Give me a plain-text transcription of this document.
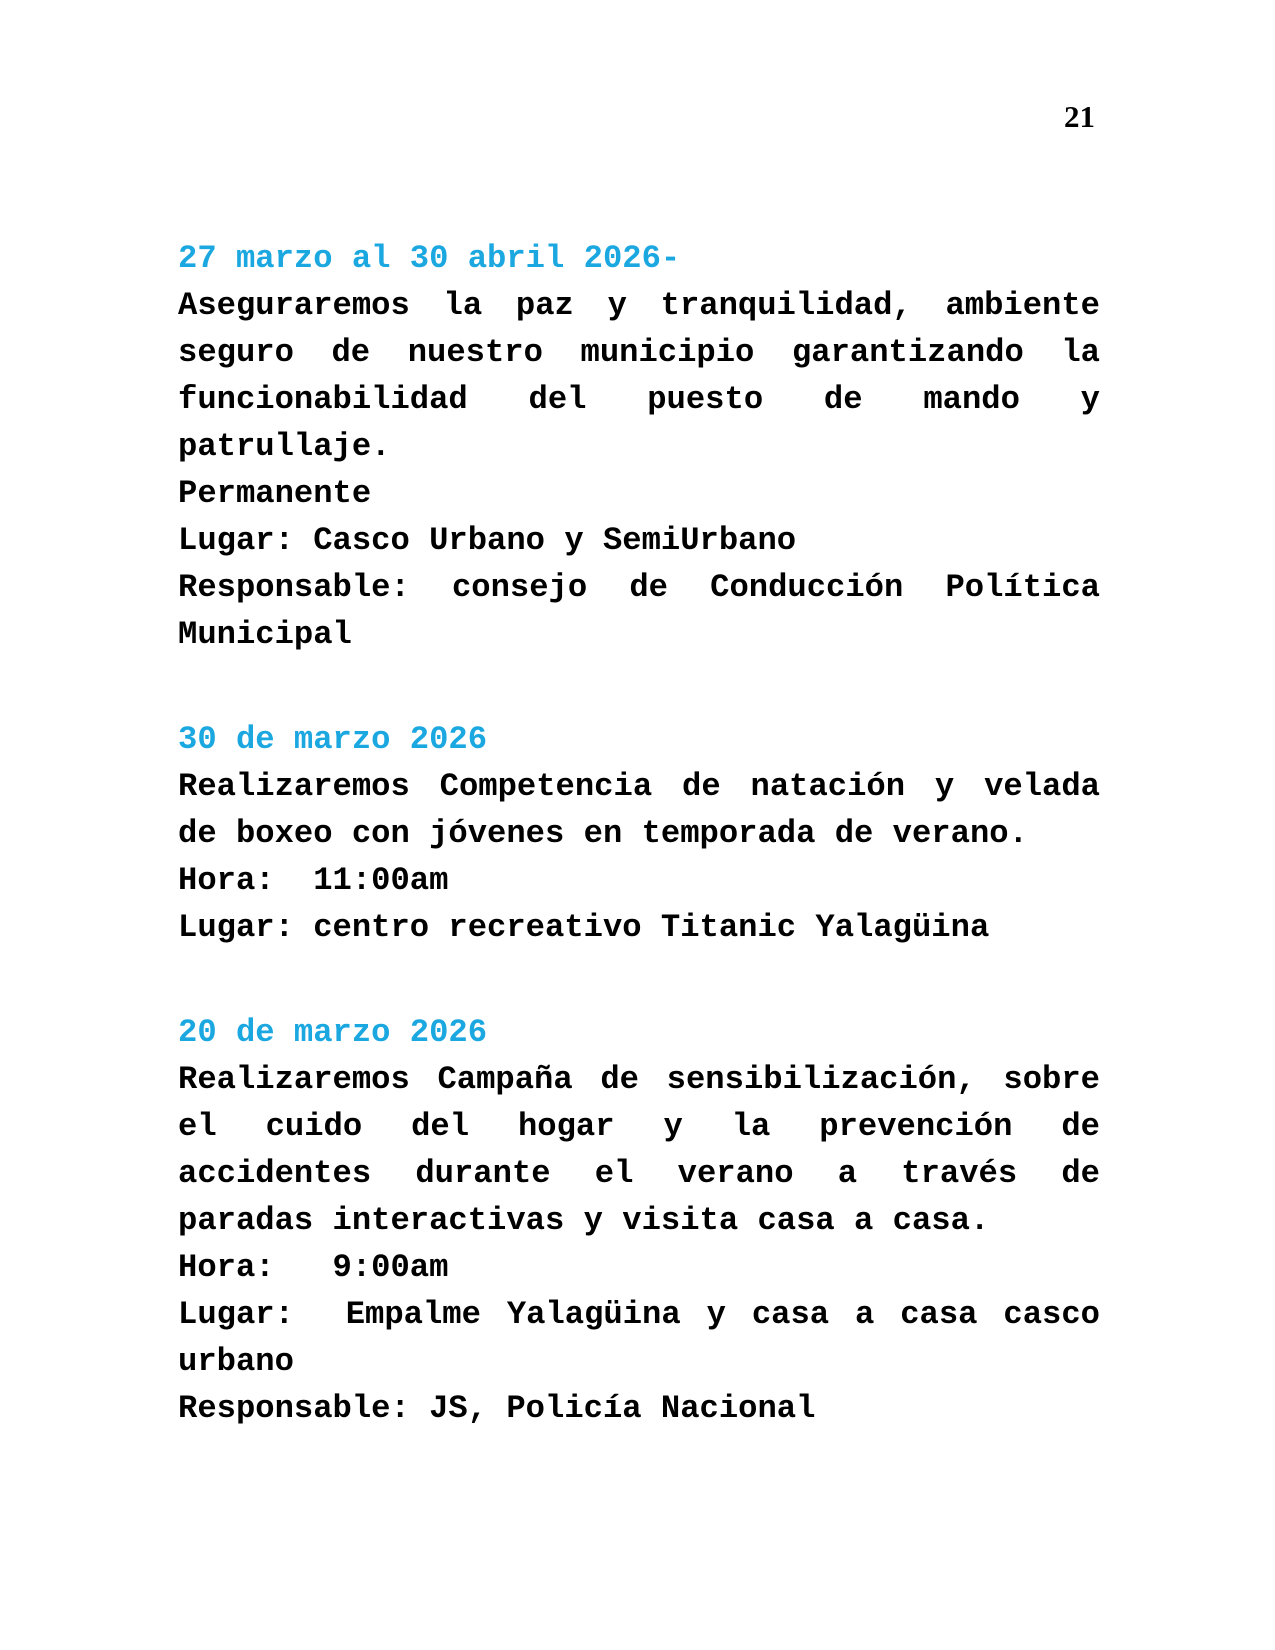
21
27 marzo al 30 abril 2026-
Aseguraremos la paz y tranquilidad, ambiente
seguro de nuestro municipio garantizando la
funcionabilidad del puesto de mando y
patrullaje.
Permanente
Lugar: Casco Urbano y SemiUrbano
Responsable: consejo de Conducción Política
Municipal
30 de marzo 2026
Realizaremos Competencia de natación y velada
de boxeo con jóvenes en temporada de verano.
Hora:  11:00am
Lugar: centro recreativo Titanic Yalagüina
20 de marzo 2026
Realizaremos Campaña de sensibilización, sobre
el cuido del hogar y la prevención de
accidentes durante el verano a través de
paradas interactivas y visita casa a casa.
Hora:   9:00am
Lugar:  Empalme Yalagüina y casa a casa casco
urbano
Responsable: JS, Policía Nacional
